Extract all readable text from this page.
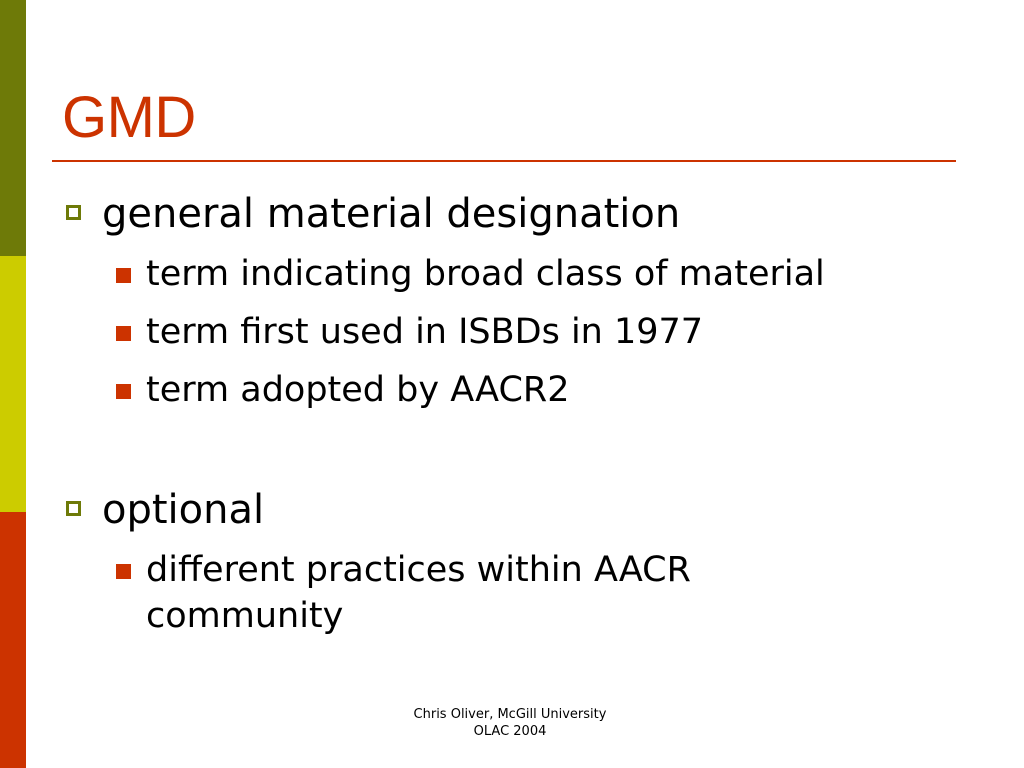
GMD
general material designation
term indicating broad class of material
term first used in ISBDs in 1977
term adopted by AACR2
optional
different practices within AACR community
Chris Oliver, McGill University
OLAC 2004
